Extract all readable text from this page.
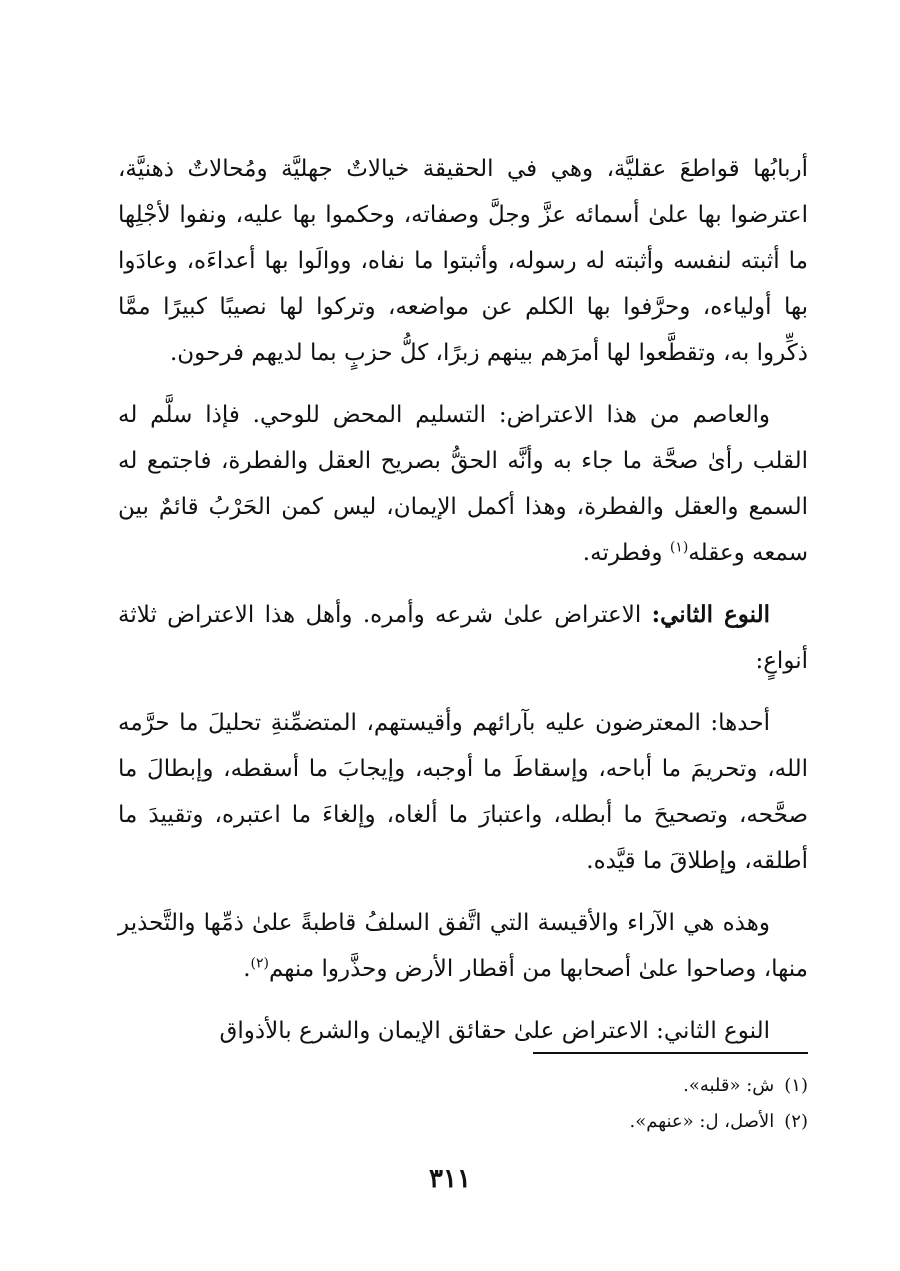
أربابُها قواطعَ عقليَّة، وهي في الحقيقة خيالاتٌ جهليَّة ومُحالاتٌ ذهنيَّة، اعترضوا بها علىٰ أسمائه عزَّ وجلَّ وصفاته، وحكموا بها عليه، ونفوا لأجْلِها ما أثبته لنفسه وأثبته له رسوله، وأثبتوا ما نفاه، ووالَوا بها أعداءَه، وعادَوا بها أولياءه، وحرَّفوا بها الكلم عن مواضعه، وتركوا لها نصيبًا كبيرًا ممَّا ذكِّروا به، وتقطَّعوا لها أمرَهم بينهم زبرًا، كلُّ حزبٍ بما لديهم فرحون.

والعاصم من هذا الاعتراض: التسليم المحض للوحي. فإذا سلَّم له القلب رأىٰ صحَّة ما جاء به وأنَّه الحقُّ بصريح العقل والفطرة، فاجتمع له السمع والعقل والفطرة، وهذا أكمل الإيمان، ليس كمن الحَرْبُ قائمٌ بين سمعه وعقله$^{(١)}$ وفطرته.

النوع الثاني: الاعتراض علىٰ شرعه وأمره. وأهل هذا الاعتراض ثلاثة أنواعٍ:

أحدها: المعترضون عليه بآرائهم وأقيستهم، المتضمِّنةِ تحليلَ ما حرَّمه الله، وتحريمَ ما أباحه، وإسقاطَ ما أوجبه، وإيجابَ ما أسقطه، وإبطالَ ما صحَّحه، وتصحيحَ ما أبطله، واعتبارَ ما ألغاه، وإلغاءَ ما اعتبره، وتقييدَ ما أطلقه، وإطلاقَ ما قيَّده.

وهذه هي الآراء والأقيسة التي اتَّفق السلفُ قاطبةً علىٰ ذمِّها والتَّحذير منها، وصاحوا علىٰ أصحابها من أقطار الأرض وحذَّروا منهم$^{(٢)}$.

النوع الثاني: الاعتراض علىٰ حقائق الإيمان والشرع بالأذواق

(١)ش: «قلبه».
(٢)الأصل، ل: «عنهم».
٣١١
